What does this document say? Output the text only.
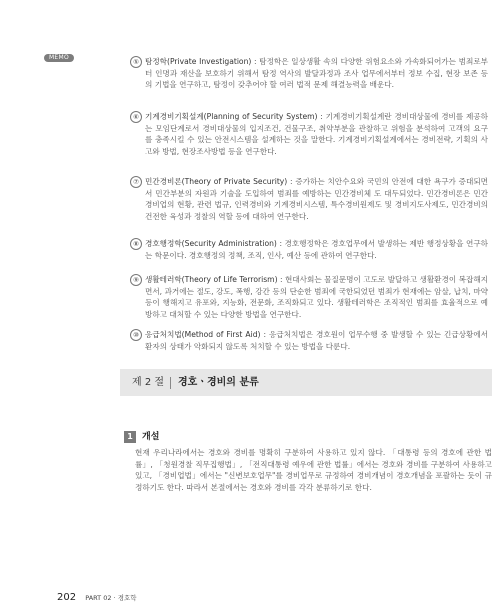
MEMO
⑤ 탐정학(Private Investigation) : 탐정학은 일상생활 속의 다양한 위험요소와 가속화되어가는 범죄로부터 인명과 재산을 보호하기 위해서 탐정 역사의 발달과정과 조사 업무에서부터 정보 수집, 현장 보존 등의 기법을 연구하고, 탐정이 갖추어야 할 여러 법적 문제 해결능력을 배운다.
⑥ 기계경비기획설계(Planning of Security System) : 기계경비기획설계란 경비대상물에 경비를 제공하는 모임단계로서 경비대상물의 입지조건, 건물구조, 취약부분을 관찰하고 위험을 분석하여 고객의 요구를 충족시킬 수 있는 안전시스템을 설계하는 것을 말한다. 기계경비기획설계에서는 경비전략, 기획의 사고와 방법, 현장조사방법 등을 연구한다.
⑦ 민간경비론(Theory of Private Security) : 증가하는 치안수요와 국민의 안전에 대한 욕구가 증대되면서 민간부분의 자원과 기술을 도입하여 범죄를 예방하는 민간경비체 도 대두되었다. 민간경비론은 민간경비업의 현황, 관련 법규, 인력경비와 기계경비시스템, 특수경비원제도 및 경비지도사제도, 민간경비의 건전한 육성과 정찰의 역할 등에 대하여 연구한다.
⑧ 경호행정학(Security Administration) : 경호행정학은 경호업무에서 발생하는 제반 행정상황을 연구하는 학문이다. 경호행정의 정책, 조직, 인사, 예산 등에 관하여 연구한다.
⑨ 생활테러학(Theory of Life Terrorism) : 현대사회는 물질문명이 고도로 발달하고 생활환경이 복잡해지면서, 과거에는 절도, 강도, 폭행, 강간 등의 단순한 범죄에 국한되었던 범죄가 현재에는 암살, 납치, 마약 등이 행해지고 유포와, 지능화, 전문화, 조직화되고 있다. 생활테러학은 조직적인 범죄를 효율적으로 예방하고 대처할 수 있는 다양한 방법을 연구한다.
⑩ 응급처치법(Method of First Aid) : 응급처치법은 경호원이 업무수행 중 발생할 수 있는 긴급상황에서 환자의 상태가 악화되지 않도록 처치할 수 있는 방법을 다룬다.
제 2 절 경호ㆍ경비의 분류
1	개설
현재 우리나라에서는 경호와 경비를 명확히 구분하여 사용하고 있지 않다. 「대통령 등의 경호에 관한 법률」, 「청원경찰 직무집행법」, 「전직대통령 예우에 관한 법률」에서는 경호와 경비를 구분하여 사용하고 있고, 「경비업법」에서는 "신변보호업무"를 경비업무로 규정하여 경비개념이 경호개념을 포괄하는 듯이 규정하기도 한다. 따라서 본절에서는 경호와 경비를 각각 분류하기로 한다.
202 PART 02 · 경호학
